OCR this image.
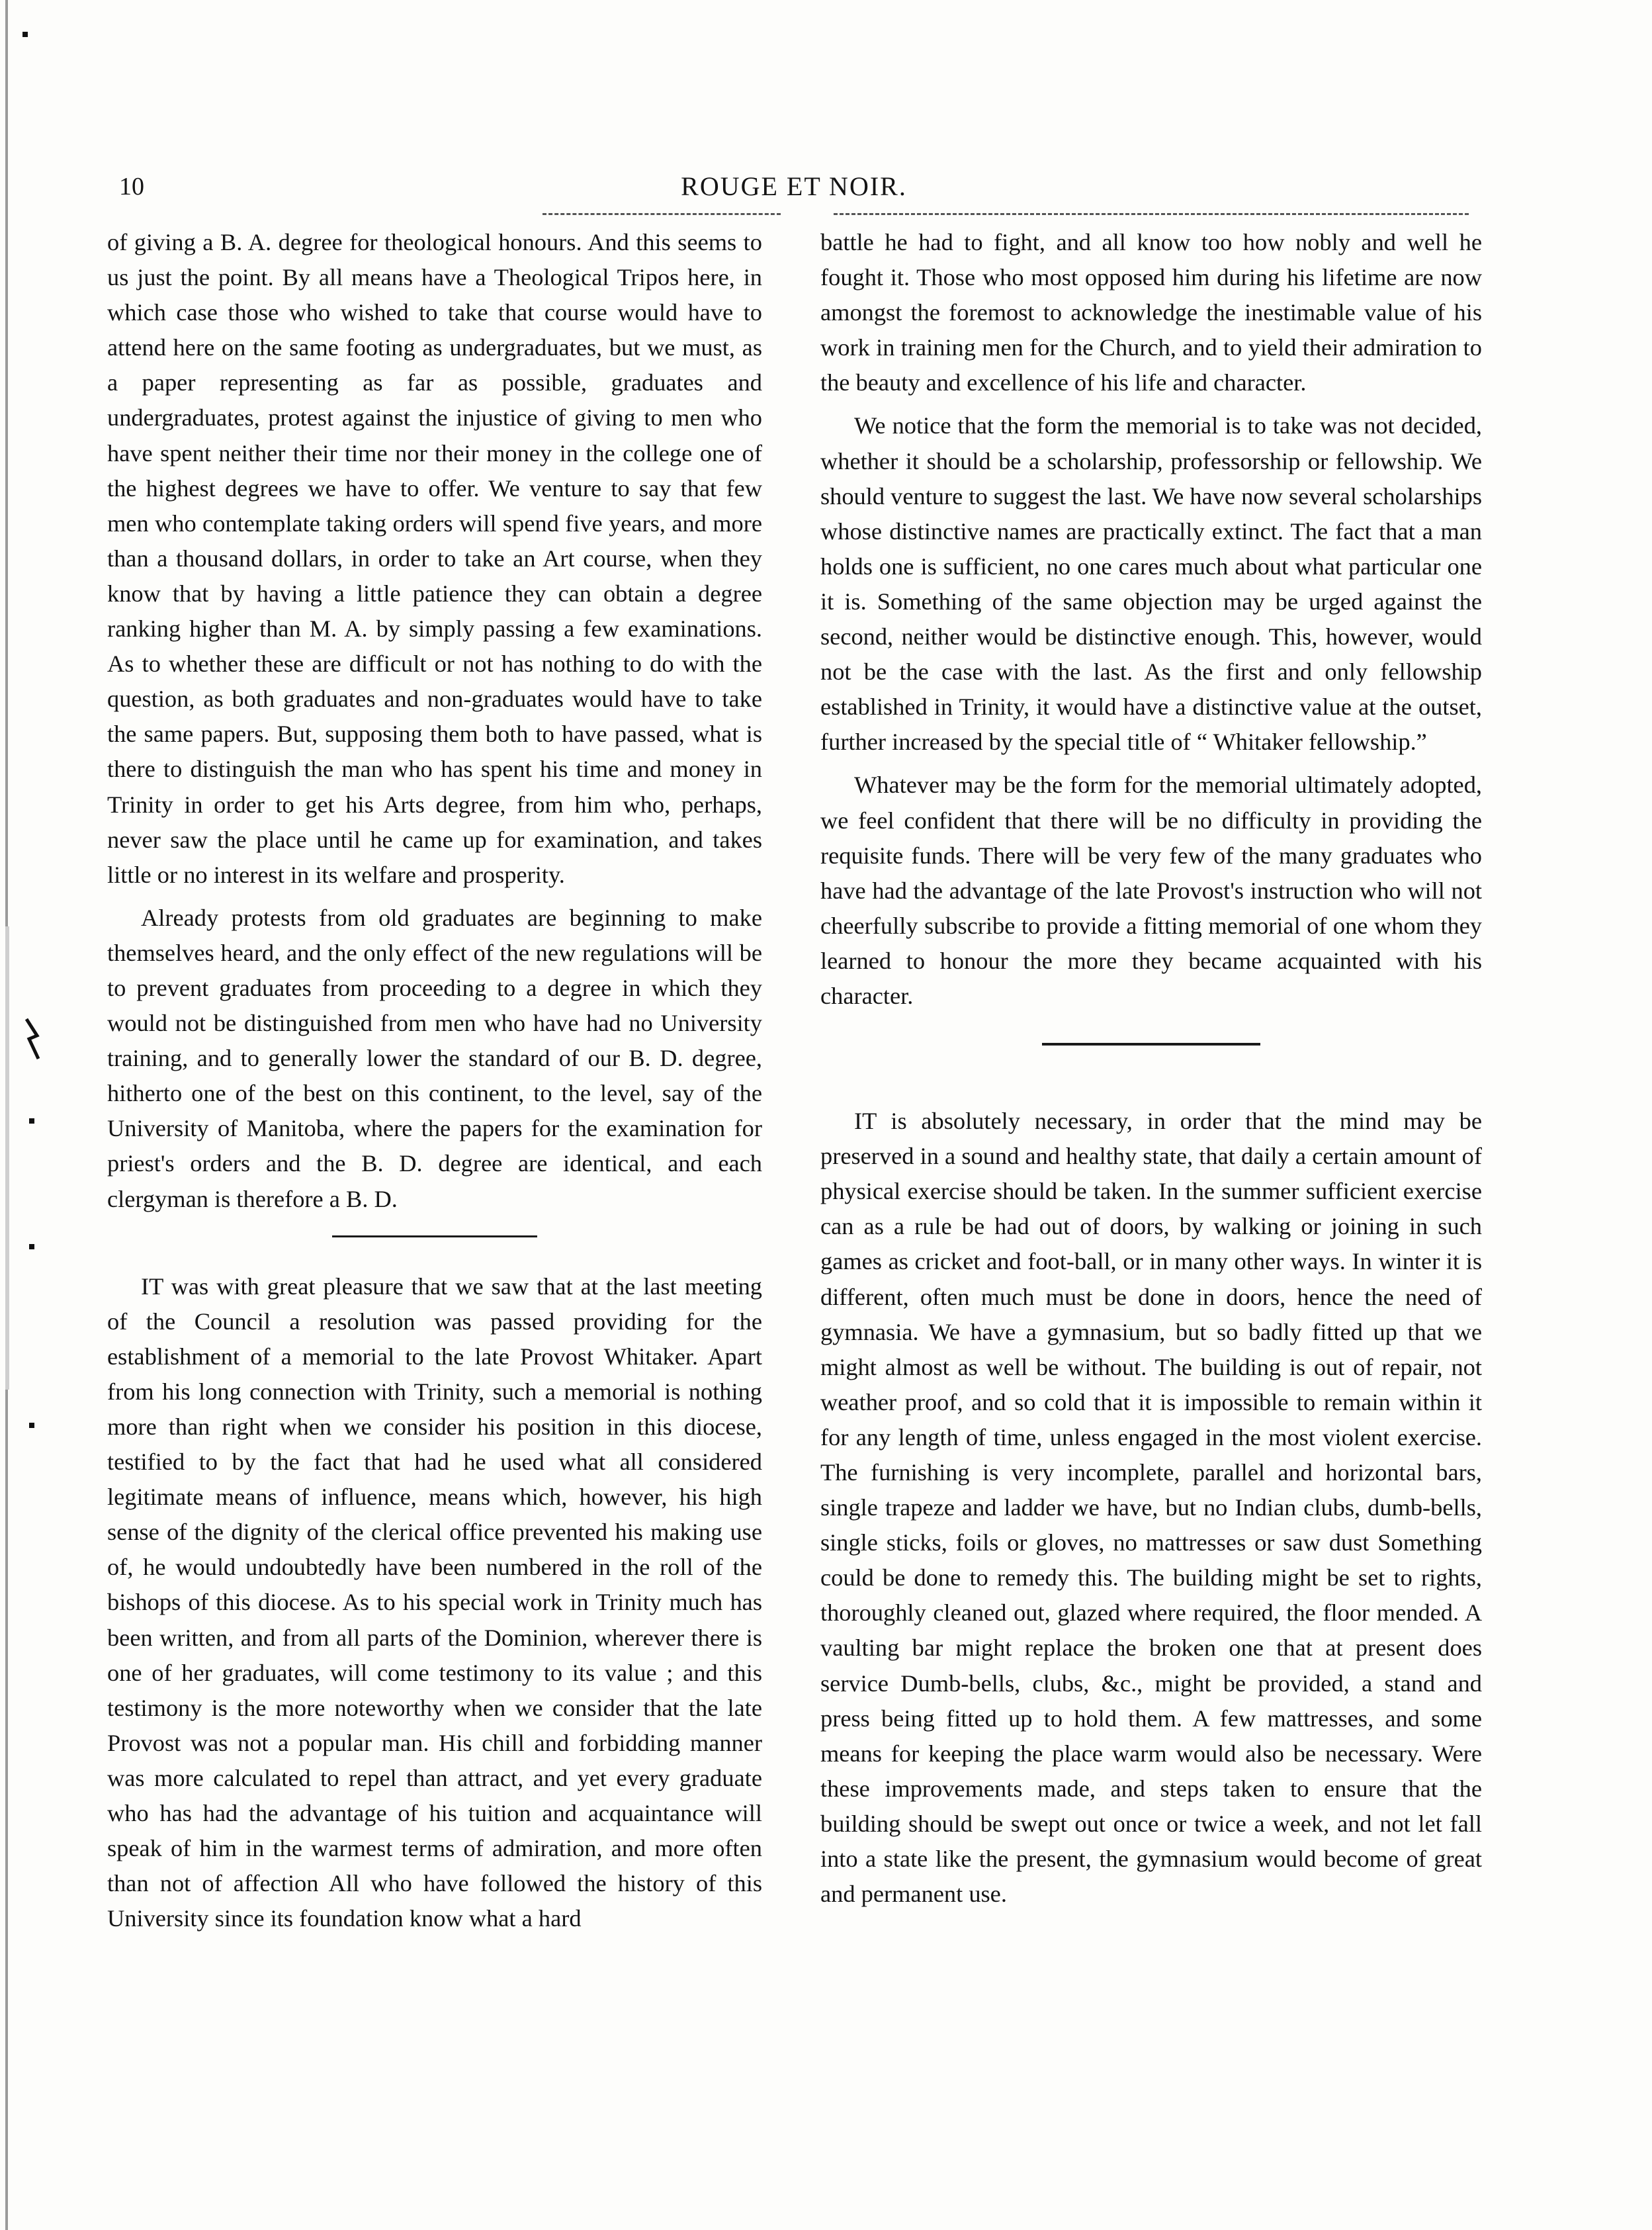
10	ROUGE ET NOIR.

of giving a B. A. degree for theological honours. And this seems to us just the point. By all means have a Theological Tripos here, in which case those who wished to take that course would have to attend here on the same footing as undergraduates, but we must, as a paper representing as far as possible, graduates and undergraduates, protest against the injustice of giving to men who have spent neither their time nor their money in the college one of the highest degrees we have to offer. We venture to say that few men who contemplate taking orders will spend five years, and more than a thousand dollars, in order to take an Art course, when they know that by having a little patience they can obtain a degree ranking higher than M. A. by simply passing a few examinations. As to whether these are difficult or not has nothing to do with the question, as both graduates and non-graduates would have to take the same papers. But, supposing them both to have passed, what is there to distinguish the man who has spent his time and money in Trinity in order to get his Arts degree, from him who, perhaps, never saw the place until he came up for examination, and takes little or no interest in its welfare and prosperity.

Already protests from old graduates are beginning to make themselves heard, and the only effect of the new regulations will be to prevent graduates from proceeding to a degree in which they would not be distinguished from men who have had no University training, and to generally lower the standard of our B. D. degree, hitherto one of the best on this continent, to the level, say of the University of Manitoba, where the papers for the examination for priest's orders and the B. D. degree are identical, and each clergyman is therefore a B. D.

IT was with great pleasure that we saw that at the last meeting of the Council a resolution was passed providing for the establishment of a memorial to the late Provost Whitaker. Apart from his long connection with Trinity, such a memorial is nothing more than right when we consider his position in this diocese, testified to by the fact that had he used what all considered legitimate means of influence, means which, however, his high sense of the dignity of the clerical office prevented his making use of, he would undoubtedly have been numbered in the roll of the bishops of this diocese. As to his special work in Trinity much has been written, and from all parts of the Dominion, wherever there is one of her graduates, will come testimony to its value ; and this testimony is the more noteworthy when we consider that the late Provost was not a popular man. His chill and forbidding manner was more calculated to repel than attract, and yet every graduate who has had the advantage of his tuition and acquaintance will speak of him in the warmest terms of admiration, and more often than not of affection All who have followed the history of this University since its foundation know what a hard

battle he had to fight, and all know too how nobly and well he fought it. Those who most opposed him during his lifetime are now amongst the foremost to acknowledge the inestimable value of his work in training men for the Church, and to yield their admiration to the beauty and excellence of his life and character.

We notice that the form the memorial is to take was not decided, whether it should be a scholarship, professorship or fellowship. We should venture to suggest the last. We have now several scholarships whose distinctive names are practically extinct. The fact that a man holds one is sufficient, no one cares much about what particular one it is. Something of the same objection may be urged against the second, neither would be distinctive enough. This, however, would not be the case with the last. As the first and only fellowship established in Trinity, it would have a distinctive value at the outset, further increased by the special title of “ Whitaker fellowship.”

Whatever may be the form for the memorial ultimately adopted, we feel confident that there will be no difficulty in providing the requisite funds. There will be very few of the many graduates who have had the advantage of the late Provost's instruction who will not cheerfully subscribe to provide a fitting memorial of one whom they learned to honour the more they became acquainted with his character.

IT is absolutely necessary, in order that the mind may be preserved in a sound and healthy state, that daily a certain amount of physical exercise should be taken. In the summer sufficient exercise can as a rule be had out of doors, by walking or joining in such games as cricket and foot-ball, or in many other ways. In winter it is different, often much must be done in doors, hence the need of gymnasia. We have a gymnasium, but so badly fitted up that we might almost as well be without. The building is out of repair, not weather proof, and so cold that it is impossible to remain within it for any length of time, unless engaged in the most violent exercise. The furnishing is very incomplete, parallel and horizontal bars, single trapeze and ladder we have, but no Indian clubs, dumb-bells, single sticks, foils or gloves, no mattresses or saw dust Something could be done to remedy this. The building might be set to rights, thoroughly cleaned out, glazed where required, the floor mended. A vaulting bar might replace the broken one that at present does service Dumb-bells, clubs, &c., might be provided, a stand and press being fitted up to hold them. A few mattresses, and some means for keeping the place warm would also be necessary. Were these improvements made, and steps taken to ensure that the building should be swept out once or twice a week, and not let fall into a state like the present, the gymnasium would become of great and permanent use.
